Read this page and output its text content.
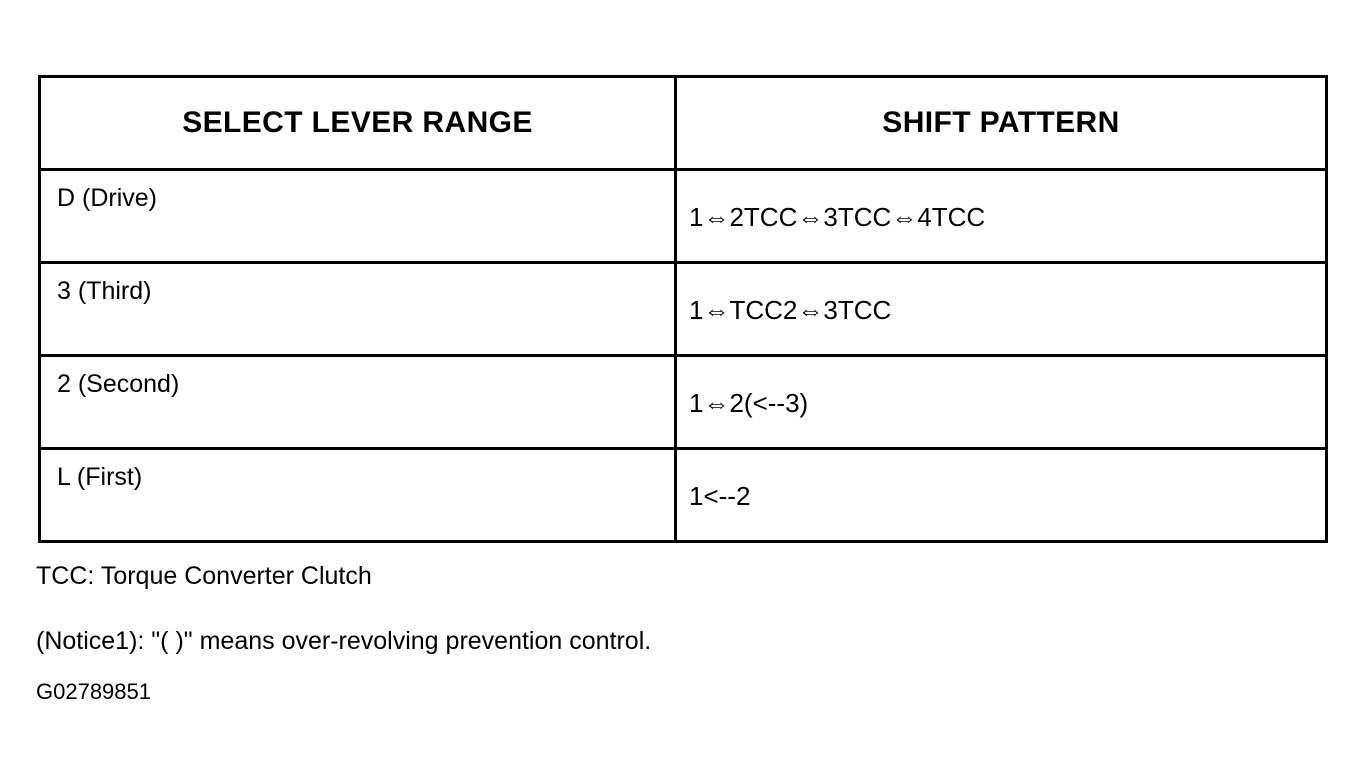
SELECT LEVER RANGE	SHIFT PATTERN

D (Drive)	1⇔2TCC⇔3TCC⇔4TCC

3 (Third)	1⇔TCC2⇔3TCC

2 (Second)	1⇔2(<--3)

L (First)	1<--2
TCC: Torque Converter Clutch
(Notice1): "( )" means over-revolving prevention control.
G02789851
